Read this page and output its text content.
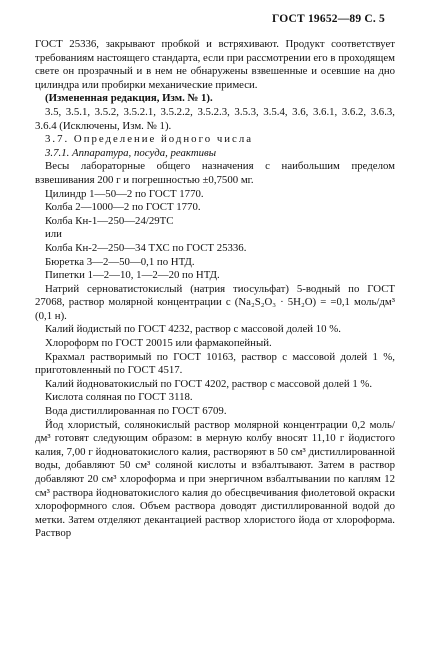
ГОСТ 19652—89 С. 5

ГОСТ 25336, закрывают пробкой и встряхивают. Продукт соответствует требованиям настоящего стандарта, если при рассмотрении его в проходящем свете он прозрачный и в нем не обнаружены взвешенные и осевшие на дно цилиндра или пробирки механические примеси.

(Измененная редакция, Изм. № 1).

3.5, 3.5.1, 3.5.2, 3.5.2.1, 3.5.2.2, 3.5.2.3, 3.5.3, 3.5.4, 3.6, 3.6.1, 3.6.2, 3.6.3, 3.6.4 (Исключены, Изм. № 1).

3.7. Определение йодного числа

3.7.1. Аппаратура, посуда, реактивы

Весы лабораторные общего назначения с наибольшим пределом взвешивания 200 г и погрешностью ±0,7500 мг.

Цилиндр 1—50—2 по ГОСТ 1770.

Колба 2—1000—2 по ГОСТ 1770.

Колба Кн-1—250—24/29ТС

или

Колба Кн-2—250—34 ТХС по ГОСТ 25336.

Бюретка 3—2—50—0,1 по НТД.

Пипетки 1—2—10, 1—2—20 по НТД.

Натрий серноватистокислый (натрия тиосульфат) 5-водный по ГОСТ 27068, раствор молярной концентрации с (Na₂S₂O₃ · 5H₂O) = =0,1 моль/дм³ (0,1 н).

Калий йодистый по ГОСТ 4232, раствор с массовой долей 10 %.

Хлороформ по ГОСТ 20015 или фармакопейный.

Крахмал растворимый по ГОСТ 10163, раствор с массовой долей 1 %, приготовленный по ГОСТ 4517.

Калий йодноватокислый по ГОСТ 4202, раствор с массовой долей 1 %.

Кислота соляная по ГОСТ 3118.

Вода дистиллированная по ГОСТ 6709.

Йод хлористый, солянокислый раствор молярной концентрации 0,2 моль/дм³ готовят следующим образом: в мерную колбу вносят 11,10 г йодистого калия, 7,00 г йодноватокислого калия, растворяют в 50 см³ дистиллированной воды, добавляют 50 см³ соляной кислоты и взбалтывают. Затем в раствор добавляют 20 см³ хлороформа и при энергичном взбалтывании по каплям 12 см³ раствора йодноватокислого калия до обесцвечивания фиолетовой окраски хлороформного слоя. Объем раствора доводят дистиллированной водой до метки. Затем отделяют декантацией раствор хлористого йода от хлороформа. Раствор
